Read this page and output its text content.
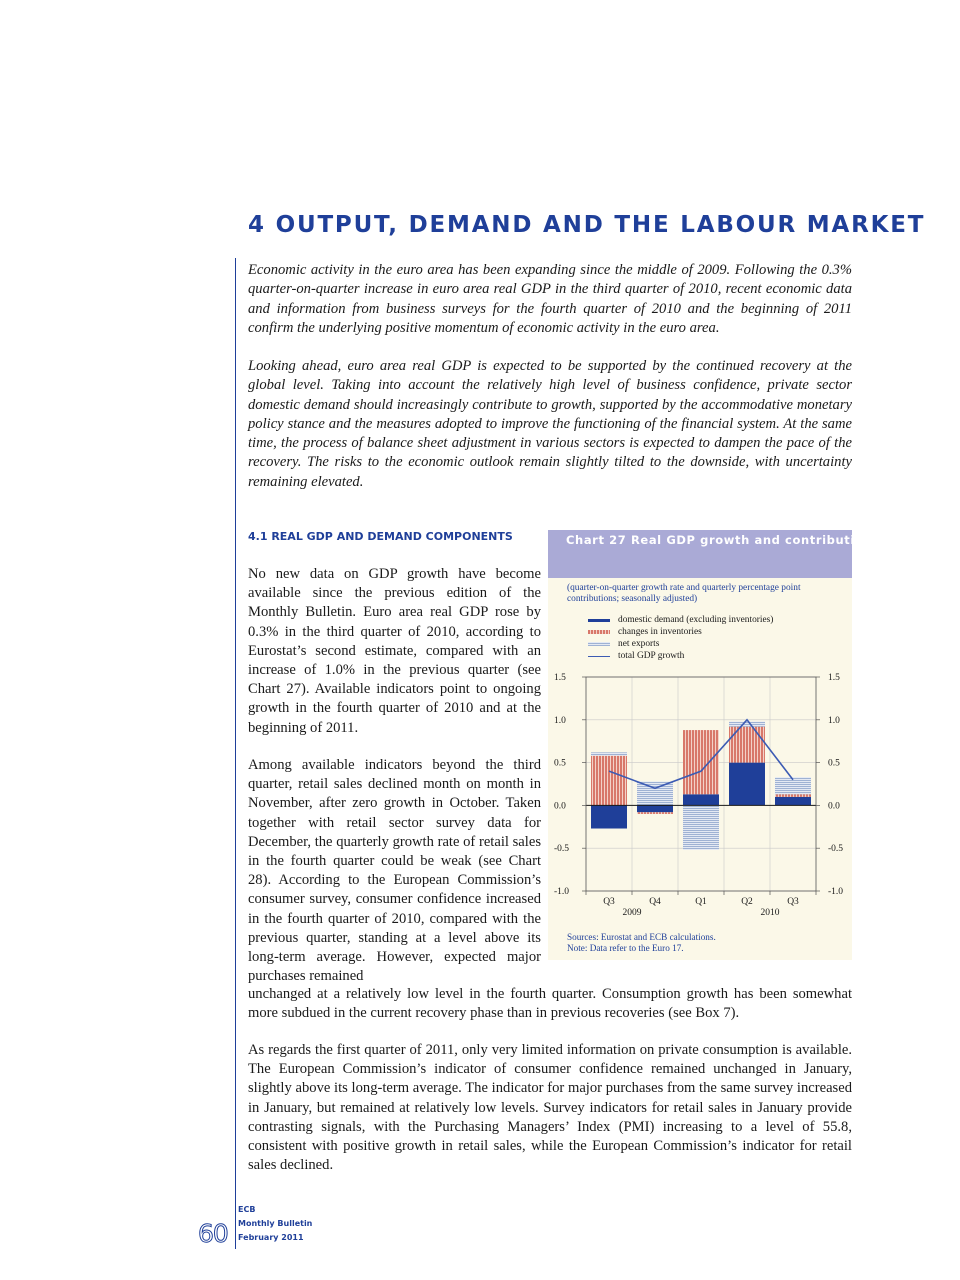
4 OUTPUT, DEMAND AND THE LABOUR MARKET

Economic activity in the euro area has been expanding since the middle of 2009. Following the 0.3% quarter-on-quarter increase in euro area real GDP in the third quarter of 2010, recent economic data and information from business surveys for the fourth quarter of 2010 and the beginning of 2011 confirm the underlying positive momentum of economic activity in the euro area.

Looking ahead, euro area real GDP is expected to be supported by the continued recovery at the global level. Taking into account the relatively high level of business confidence, private sector domestic demand should increasingly contribute to growth, supported by the accommodative monetary policy stance and the measures adopted to improve the functioning of the financial system. At the same time, the process of balance sheet adjustment in various sectors is expected to dampen the pace of the recovery. The risks to the economic outlook remain slightly tilted to the downside, with uncertainty remaining elevated.

4.1 REAL GDP AND DEMAND COMPONENTS

No new data on GDP growth have become available since the previous edition of the Monthly Bulletin. Euro area real GDP rose by 0.3% in the third quarter of 2010, according to Eurostat’s second estimate, compared with an increase of 1.0% in the previous quarter (see Chart 27). Available indicators point to ongoing growth in the fourth quarter of 2010 and at the beginning of 2011.

Among available indicators beyond the third quarter, retail sales declined month on month in November, after zero growth in October. Taken together with retail sector survey data for December, the quarterly growth rate of retail sales in the fourth quarter could be weak (see Chart 28). According to the European Commission’s consumer survey, consumer confidence increased in the fourth quarter of 2010, compared with the previous quarter, standing at a level above its long-term average. However, expected major purchases remained

unchanged at a relatively low level in the fourth quarter. Consumption growth has been somewhat more subdued in the current recovery phase than in previous recoveries (see Box 7).

As regards the first quarter of 2011, only very limited information on private consumption is available. The European Commission’s indicator of consumer confidence remained unchanged in January, slightly above its long-term average. The indicator for major purchases from the same survey increased in January, but remained at relatively low levels. Survey indicators for retail sales in January provide contrasting signals, with the Purchasing Managers’ Index (PMI) increasing to a level of 55.8, consistent with positive growth in retail sales, while the European Commission’s indicator for retail sales declined.

Chart 27 Real GDP growth and contributions

(quarter-on-quarter growth rate and quarterly percentage point contributions; seasonally adjusted)

domestic demand (excluding inventories)
changes in inventories
net exports
total GDP growth
-1.0	-1.0
-0.5	-0.5
0.0	0.0
0.5	0.5
1.0	1.0
1.5	1.5
Q3	Q4	Q1	Q2	Q3
2009	2010

Sources: Eurostat and ECB calculations.
Note: Data refer to the Euro 17.

60

ECB

Monthly Bulletin

February 2011
